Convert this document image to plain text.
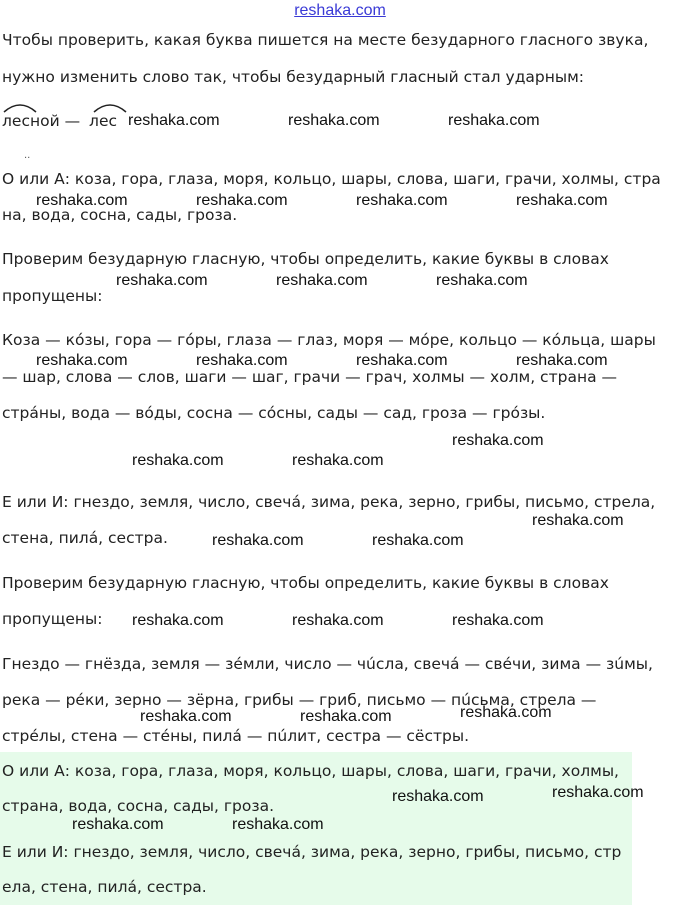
reshaka.com
Чтобы проверить, какая буква пишется на месте безударного гласного звука,
нужно изменить слово так, чтобы безударный гласный стал ударным:
лесной — лес
..
О или А: коза, гора, глаза, моря, кольцо, шары, слова, шаги, грачи, холмы, стра
на, вода, сосна, сады, гроза.
Проверим безударную гласную, чтобы определить, какие буквы в словах
пропущены:
Коза — кóзы, гора — гóры, глаза — глаз, моря — мóре, кольцо — кóльца, шары
— шар, слова — слов, шаги — шаг, грачи — грач, холмы — холм, страна —
стрáны, вода — вóды, сосна — сóсны, сады — сад, гроза — грóзы.
Е или И: гнездо, земля, число, свечá, зима, река, зерно, грибы, письмо, стрела,
стена, пилá, сестра.
Проверим безударную гласную, чтобы определить, какие буквы в словах
пропущены:
Гнездо — гнёзда, земля — зéмли, число — чúсла, свечá — свéчи, зима — зúмы,
река — рéки, зерно — зёрна, грибы — гриб, письмо — пúсьма, стрела —
стрéлы, стена — стéны, пилá — пúлит, сестра — сёстры.
О или А: коза, гора, глаза, моря, кольцо, шары, слова, шаги, грачи, холмы,
страна, вода, сосна, сады, гроза.
Е или И: гнездо, земля, число, свечá, зима, река, зерно, грибы, письмо, стр
ела, стена, пилá, сестра.
reshaka.com	reshaka.com	reshaka.com
reshaka.com	reshaka.com	reshaka.com	reshaka.com
reshaka.com	reshaka.com	reshaka.com
reshaka.com	reshaka.com	reshaka.com	reshaka.com
reshaka.com
reshaka.com	reshaka.com
reshaka.com
reshaka.com	reshaka.com
reshaka.com	reshaka.com	reshaka.com
reshaka.com
reshaka.com	reshaka.com
reshaka.com
reshaka.com
reshaka.com	reshaka.com
